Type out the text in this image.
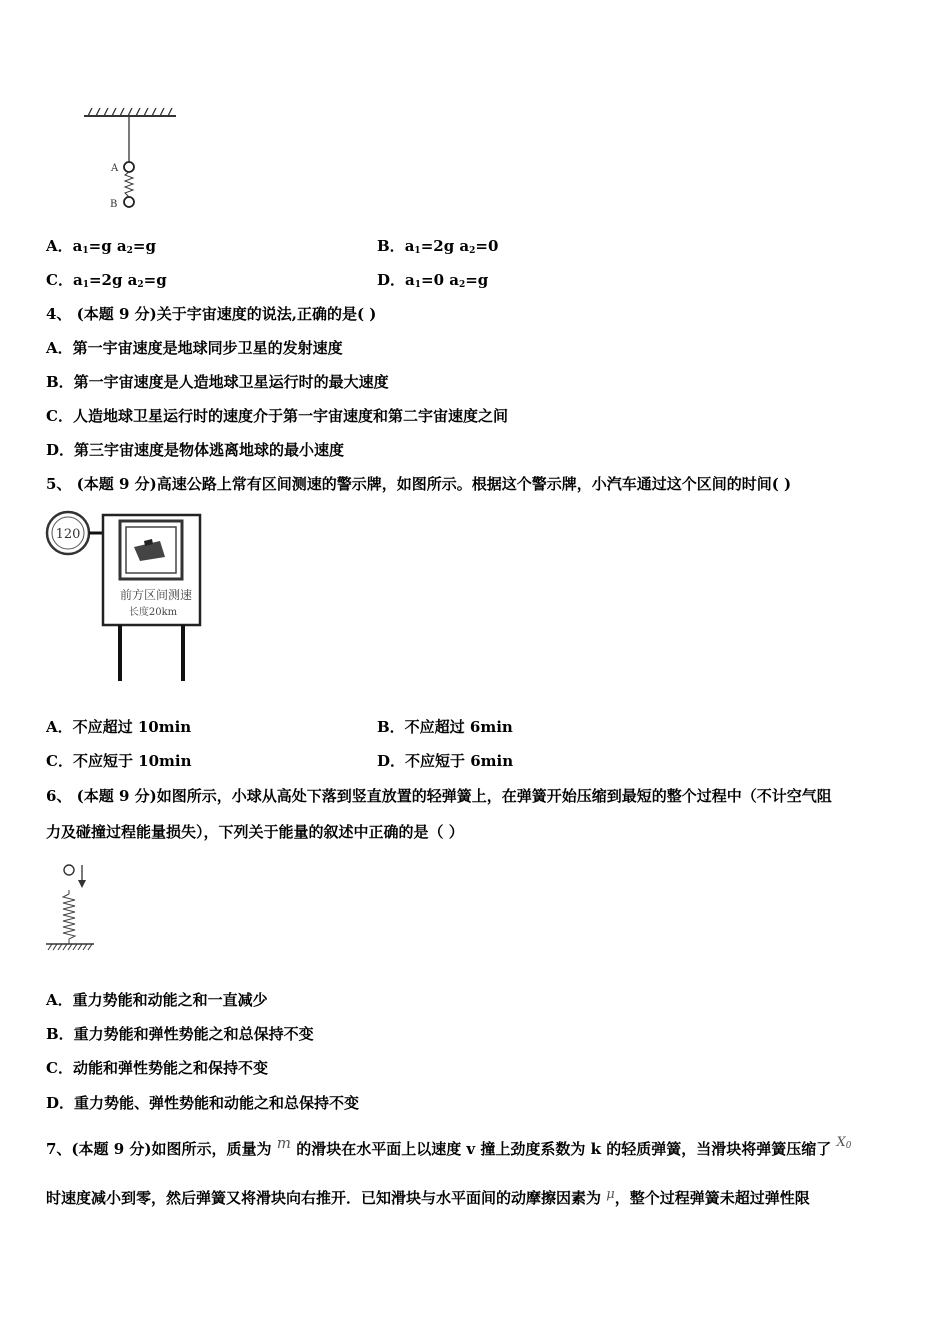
A
B
A．$a_1=g$ $a_2=g$	B．$a_1=2g$ $a_2=0$
C．$a_1=2g$ $a_2=g$	D．$a_1=0$ $a_2=g$
4、 (本题 9 分)关于宇宙速度的说法,正确的是( )
A．第一宇宙速度是地球同步卫星的发射速度
B．第一宇宙速度是人造地球卫星运行时的最大速度
C．人造地球卫星运行时的速度介于第一宇宙速度和第二宇宙速度之间
D．第三宇宙速度是物体逃离地球的最小速度
5、 (本题 9 分)高速公路上常有区间测速的警示牌，如图所示。根据这个警示牌，小汽车通过这个区间的时间( )
120
前方区间测速
长度20km
A．不应超过 10min	B．不应超过 6min
C．不应短于 10min	D．不应短于 6min
6、 (本题 9 分)如图所示，小球从高处下落到竖直放置的轻弹簧上，在弹簧开始压缩到最短的整个过程中（不计空气阻
力及碰撞过程能量损失），下列关于能量的叙述中正确的是（ ）
A．重力势能和动能之和一直减少
B．重力势能和弹性势能之和总保持不变
C．动能和弹性势能之和保持不变
D．重力势能、弹性势能和动能之和总保持不变
7、(本题 9 分)如图所示，质量为 m 的滑块在水平面上以速度 v 撞上劲度系数为 k 的轻质弹簧，当滑块将弹簧压缩了 $X_0$
时速度减小到零，然后弹簧又将滑块向右推开．已知滑块与水平面间的动摩擦因素为 μ，整个过程弹簧未超过弹性限
